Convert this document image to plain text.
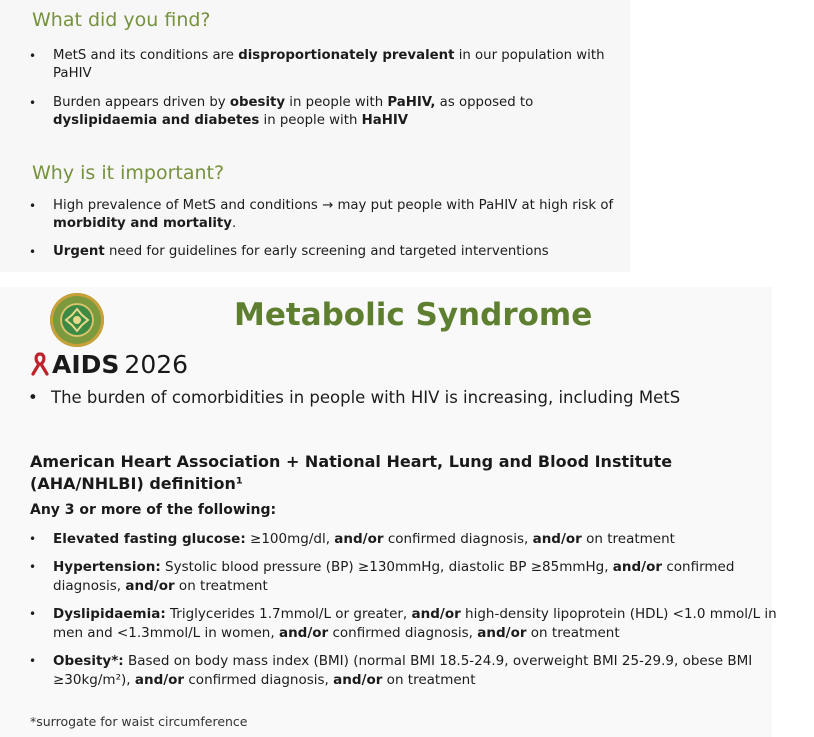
What did you find?
• MetS and its conditions are disproportionately prevalent in our population with PaHIV
• Burden appears driven by obesity in people with PaHIV, as opposed to dyslipidaemia and diabetes in people with HaHIV
Why is it important?
• High prevalence of MetS and conditions → may put people with PaHIV at high risk of morbidity and mortality.
• Urgent need for guidelines for early screening and targeted interventions
AIDS 2026
Metabolic Syndrome
• The burden of comorbidities in people with HIV is increasing, including MetS
American Heart Association + National Heart, Lung and Blood Institute
(AHA/NHLBI) definition¹
Any 3 or more of the following:
• Elevated fasting glucose: ≥100mg/dl, and/or confirmed diagnosis, and/or on treatment
• Hypertension: Systolic blood pressure (BP) ≥130mmHg, diastolic BP ≥85mmHg, and/or confirmed diagnosis, and/or on treatment
• Dyslipidaemia: Triglycerides 1.7mmol/L or greater, and/or high-density lipoprotein (HDL) <1.0 mmol/L in men and <1.3mmol/L in women, and/or confirmed diagnosis, and/or on treatment
• Obesity*: Based on body mass index (BMI) (normal BMI 18.5-24.9, overweight BMI 25-29.9, obese BMI ≥30kg/m²), and/or confirmed diagnosis, and/or on treatment
*surrogate for waist circumference
